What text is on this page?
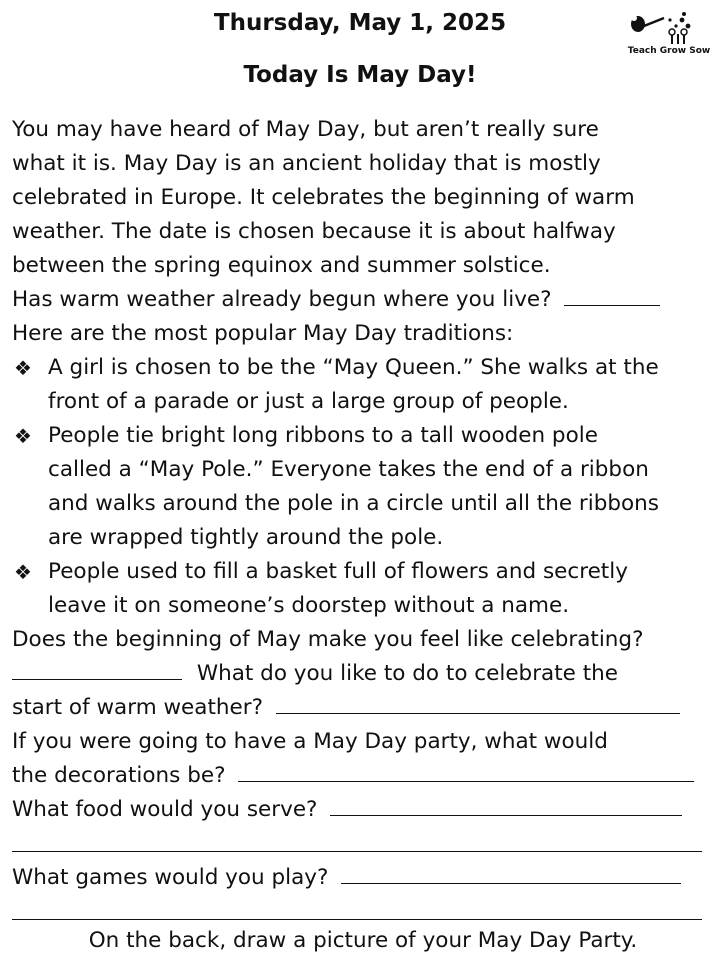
Thursday, May 1, 2025
Today Is May Day!
Teach Grow Sow
You may have heard of May Day, but aren’t really sure
what it is. May Day is an ancient holiday that is mostly
celebrated in Europe. It celebrates the beginning of warm
weather. The date is chosen because it is about halfway
between the spring equinox and summer solstice.
Has warm weather already begun where you live?
Here are the most popular May Day traditions:
❖ A girl is chosen to be the “May Queen.” She walks at the
front of a parade or just a large group of people.
❖ People tie bright long ribbons to a tall wooden pole
called a “May Pole.” Everyone takes the end of a ribbon
and walks around the pole in a circle until all the ribbons
are wrapped tightly around the pole.
❖ People used to fill a basket full of flowers and secretly
leave it on someone’s doorstep without a name.
Does the beginning of May make you feel like celebrating?
What do you like to do to celebrate the
start of warm weather?
If you were going to have a May Day party, what would
the decorations be?
What food would you serve?
What games would you play?
On the back, draw a picture of your May Day Party.
